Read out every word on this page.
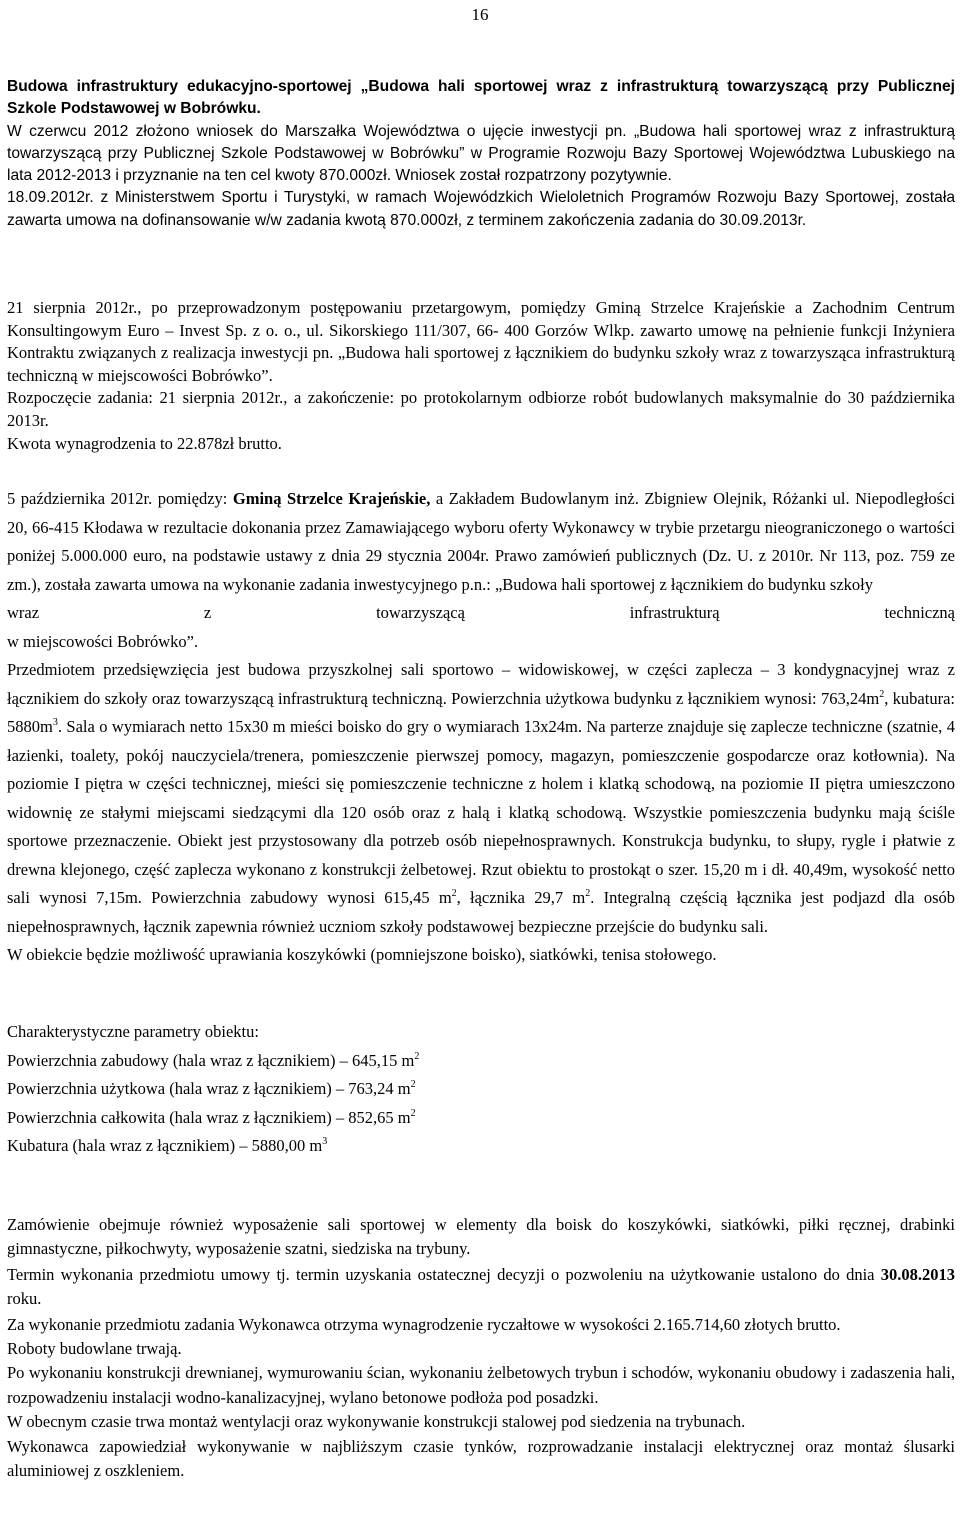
16

Budowa infrastruktury edukacyjno-sportowej „Budowa hali sportowej wraz z infrastrukturą towarzyszącą przy Publicznej Szkole Podstawowej w Bobrówku.

W czerwcu 2012 złożono wniosek do Marszałka Województwa o ujęcie inwestycji pn. „Budowa hali sportowej wraz z infrastrukturą towarzyszącą przy Publicznej Szkole Podstawowej w Bobrówku” w Programie Rozwoju Bazy Sportowej Województwa Lubuskiego na lata 2012-2013 i przyznanie na ten cel kwoty 870.000zł. Wniosek został rozpatrzony pozytywnie.

18.09.2012r. z Ministerstwem Sportu i Turystyki, w ramach Wojewódzkich Wieloletnich Programów Rozwoju Bazy Sportowej, została zawarta umowa na dofinansowanie w/w zadania kwotą 870.000zł, z terminem zakończenia zadania do 30.09.2013r.

21 sierpnia 2012r., po przeprowadzonym postępowaniu przetargowym, pomiędzy Gminą Strzelce Krajeńskie a Zachodnim Centrum Konsultingowym Euro – Invest Sp. z o. o., ul. Sikorskiego 111/307, 66- 400 Gorzów Wlkp. zawarto umowę na pełnienie funkcji Inżyniera Kontraktu związanych z realizacja inwestycji pn. „Budowa hali sportowej z łącznikiem do budynku szkoły wraz z towarzysząca infrastrukturą techniczną w miejscowości Bobrówko”.

Rozpoczęcie zadania: 21 sierpnia 2012r., a zakończenie: po protokolarnym odbiorze robót budowlanych maksymalnie do 30 października 2013r.

Kwota wynagrodzenia to 22.878zł brutto.

5 października 2012r. pomiędzy: Gminą Strzelce Krajeńskie, a Zakładem Budowlanym inż. Zbigniew Olejnik, Różanki ul. Niepodległości 20, 66-415 Kłodawa w rezultacie dokonania przez Zamawiającego wyboru oferty Wykonawcy w trybie przetargu nieograniczonego o wartości poniżej 5.000.000 euro, na podstawie ustawy z dnia 29 stycznia 2004r. Prawo zamówień publicznych (Dz. U. z 2010r. Nr 113, poz. 759 ze zm.), została zawarta umowa na wykonanie zadania inwestycyjnego p.n.: „Budowa hali sportowej z łącznikiem do budynku szkoły

wraz z towarzyszącą infrastrukturą techniczną

w miejscowości Bobrówko”.

Przedmiotem przedsięwzięcia jest budowa przyszkolnej sali sportowo – widowiskowej, w części zaplecza – 3 kondygnacyjnej wraz z łącznikiem do szkoły oraz towarzyszącą infrastrukturą techniczną. Powierzchnia użytkowa budynku z łącznikiem wynosi: $763,24m^2$, kubatura: $5880m^3$. Sala o wymiarach netto 15x30 m mieści boisko do gry o wymiarach 13x24m. Na parterze znajduje się zaplecze techniczne (szatnie, 4 łazienki, toalety, pokój nauczyciela/trenera, pomieszczenie pierwszej pomocy, magazyn, pomieszczenie gospodarcze oraz kotłownia). Na poziomie I piętra w części technicznej, mieści się pomieszczenie techniczne z holem i klatką schodową, na poziomie II piętra umieszczono widownię ze stałymi miejscami siedzącymi dla 120 osób oraz z halą i klatką schodową. Wszystkie pomieszczenia budynku mają ściśle sportowe przeznaczenie. Obiekt jest przystosowany dla potrzeb osób niepełnosprawnych. Konstrukcja budynku, to słupy, rygle i płatwie z drewna klejonego, część zaplecza wykonano z konstrukcji żelbetowej. Rzut obiektu to prostokąt o szer. 15,20 m i dł. 40,49m, wysokość netto sali wynosi 7,15m. Powierzchnia zabudowy wynosi 615,45 $m^2$, łącznika 29,7 $m^2$. Integralną częścią łącznika jest podjazd dla osób niepełnosprawnych, łącznik zapewnia również uczniom szkoły podstawowej bezpieczne przejście do budynku sali.

W obiekcie będzie możliwość uprawiania koszykówki (pomniejszone boisko), siatkówki, tenisa stołowego.

Charakterystyczne parametry obiektu:

Powierzchnia zabudowy (hala wraz z łącznikiem) – 645,15 $m^2$

Powierzchnia użytkowa (hala wraz z łącznikiem) – 763,24 $m^2$

Powierzchnia całkowita (hala wraz z łącznikiem) – 852,65 $m^2$

Kubatura (hala wraz z łącznikiem) – 5880,00 $m^3$

Zamówienie obejmuje również wyposażenie sali sportowej w elementy dla boisk do koszykówki, siatkówki, piłki ręcznej, drabinki gimnastyczne, piłkochwyty, wyposażenie szatni, siedziska na trybuny.

Termin wykonania przedmiotu umowy tj. termin uzyskania ostatecznej decyzji o pozwoleniu na użytkowanie ustalono do dnia 30.08.2013 roku.

Za wykonanie przedmiotu zadania Wykonawca otrzyma wynagrodzenie ryczałtowe w wysokości 2.165.714,60 złotych brutto.

Roboty budowlane trwają.

Po wykonaniu konstrukcji drewnianej, wymurowaniu ścian, wykonaniu żelbetowych trybun i schodów, wykonaniu obudowy i zadaszenia hali, rozpowadzeniu instalacji wodno-kanalizacyjnej, wylano betonowe podłoża pod posadzki.

W obecnym czasie trwa montaż wentylacji oraz wykonywanie konstrukcji stalowej pod siedzenia na trybunach.

Wykonawca zapowiedział wykonywanie w najbliższym czasie tynków, rozprowadzanie instalacji elektrycznej oraz montaż ślusarki aluminiowej z oszkleniem.
